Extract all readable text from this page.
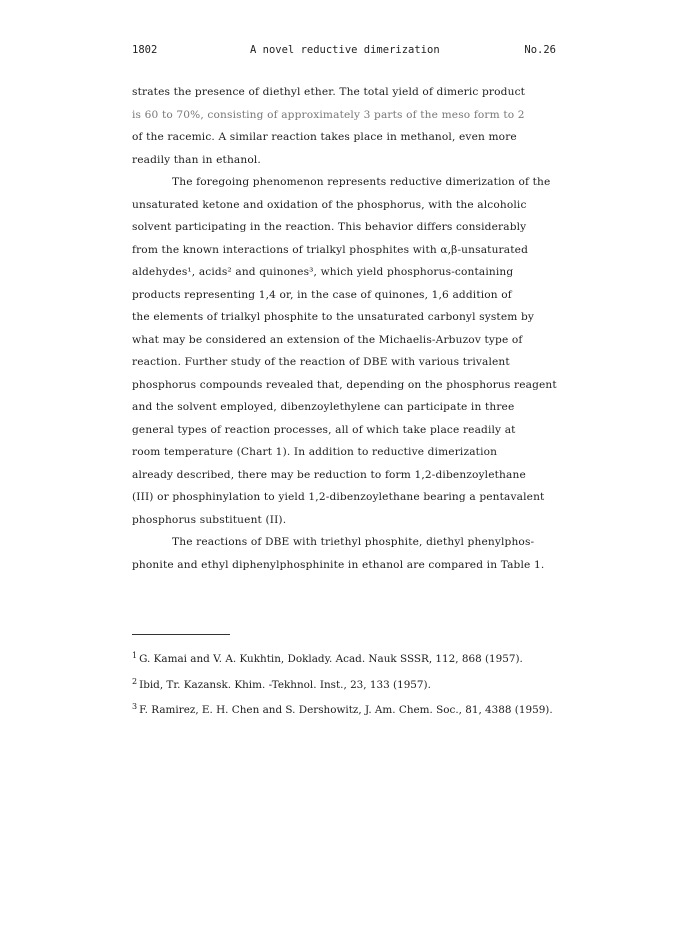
1802	A novel reductive dimerization	No.26
strates the presence of diethyl ether. The total yield of dimeric product
is 60 to 70%, consisting of approximately 3 parts of the meso form to 2
of the racemic. A similar reaction takes place in methanol, even more
readily than in ethanol.
The foregoing phenomenon represents reductive dimerization of the
unsaturated ketone and oxidation of the phosphorus, with the alcoholic
solvent participating in the reaction. This behavior differs considerably
from the known interactions of trialkyl phosphites with α,β-unsaturated
aldehydes¹, acids² and quinones³, which yield phosphorus-containing
products representing 1,4 or, in the case of quinones, 1,6 addition of
the elements of trialkyl phosphite to the unsaturated carbonyl system by
what may be considered an extension of the Michaelis-Arbuzov type of
reaction. Further study of the reaction of DBE with various trivalent
phosphorus compounds revealed that, depending on the phosphorus reagent
and the solvent employed, dibenzoylethylene can participate in three
general types of reaction processes, all of which take place readily at
room temperature (Chart 1). In addition to reductive dimerization
already described, there may be reduction to form 1,2-dibenzoylethane
(III) or phosphinylation to yield 1,2-dibenzoylethane bearing a pentavalent
phosphorus substituent (II).
The reactions of DBE with triethyl phosphite, diethyl phenylphos-
phonite and ethyl diphenylphosphinite in ethanol are compared in Table 1.
$^1$ G. Kamai and V. A. Kukhtin, Doklady. Acad. Nauk SSSR, 112, 868 (1957).
$^2$ Ibid, Tr. Kazansk. Khim. -Tekhnol. Inst., 23, 133 (1957).
$^3$ F. Ramirez, E. H. Chen and S. Dershowitz, J. Am. Chem. Soc., 81, 4388 (1959).
